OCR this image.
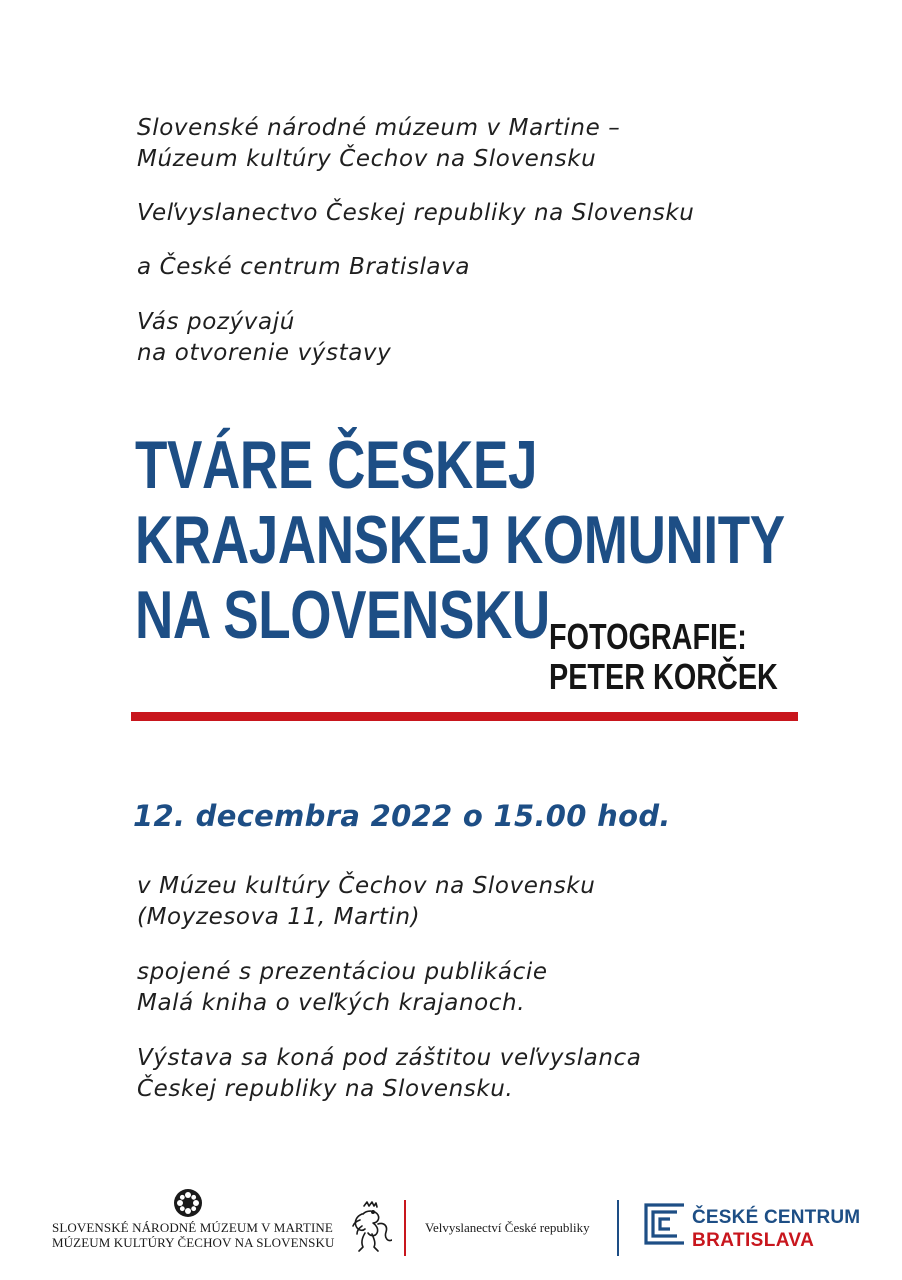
Slovenské národné múzeum v Martine –
Múzeum kultúry Čechov na Slovensku
Veľvyslanectvo Českej republiky na Slovensku
a České centrum Bratislava
Vás pozývajú
na otvorenie výstavy
TVÁRE ČESKEJ
KRAJANSKEJ KOMUNITY
NA SLOVENSKU FOTOGRAFIE:
PETER KORČEK
12. decembra 2022 o 15.00 hod.
v Múzeu kultúry Čechov na Slovensku
(Moyzesova 11, Martin)
spojené s prezentáciou publikácie
Malá kniha o veľkých krajanoch.
Výstava sa koná pod záštitou veľvyslanca
Českej republiky na Slovensku.
SLOVENSKÉ NÁRODNÉ MÚZEUM V MARTINE
MÚZEUM KULTÚRY ČECHOV NA SLOVENSKU
Velvyslanectví České republiky	ČESKÉ CENTRUM
BRATISLAVA
